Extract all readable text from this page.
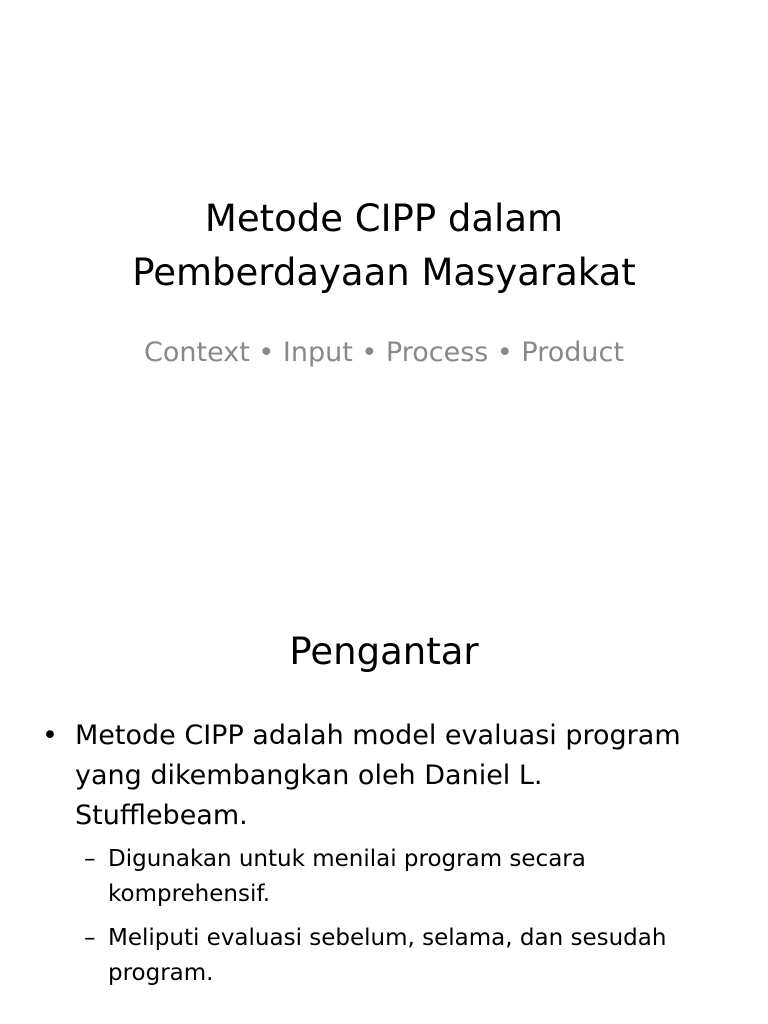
Metode CIPP dalam
Pemberdayaan Masyarakat
Context • Input • Process • Product
Pengantar
• Metode CIPP adalah model evaluasi program yang dikembangkan oleh Daniel L. Stufflebeam.
– Digunakan untuk menilai program secara komprehensif.
– Meliputi evaluasi sebelum, selama, dan sesudah program.
